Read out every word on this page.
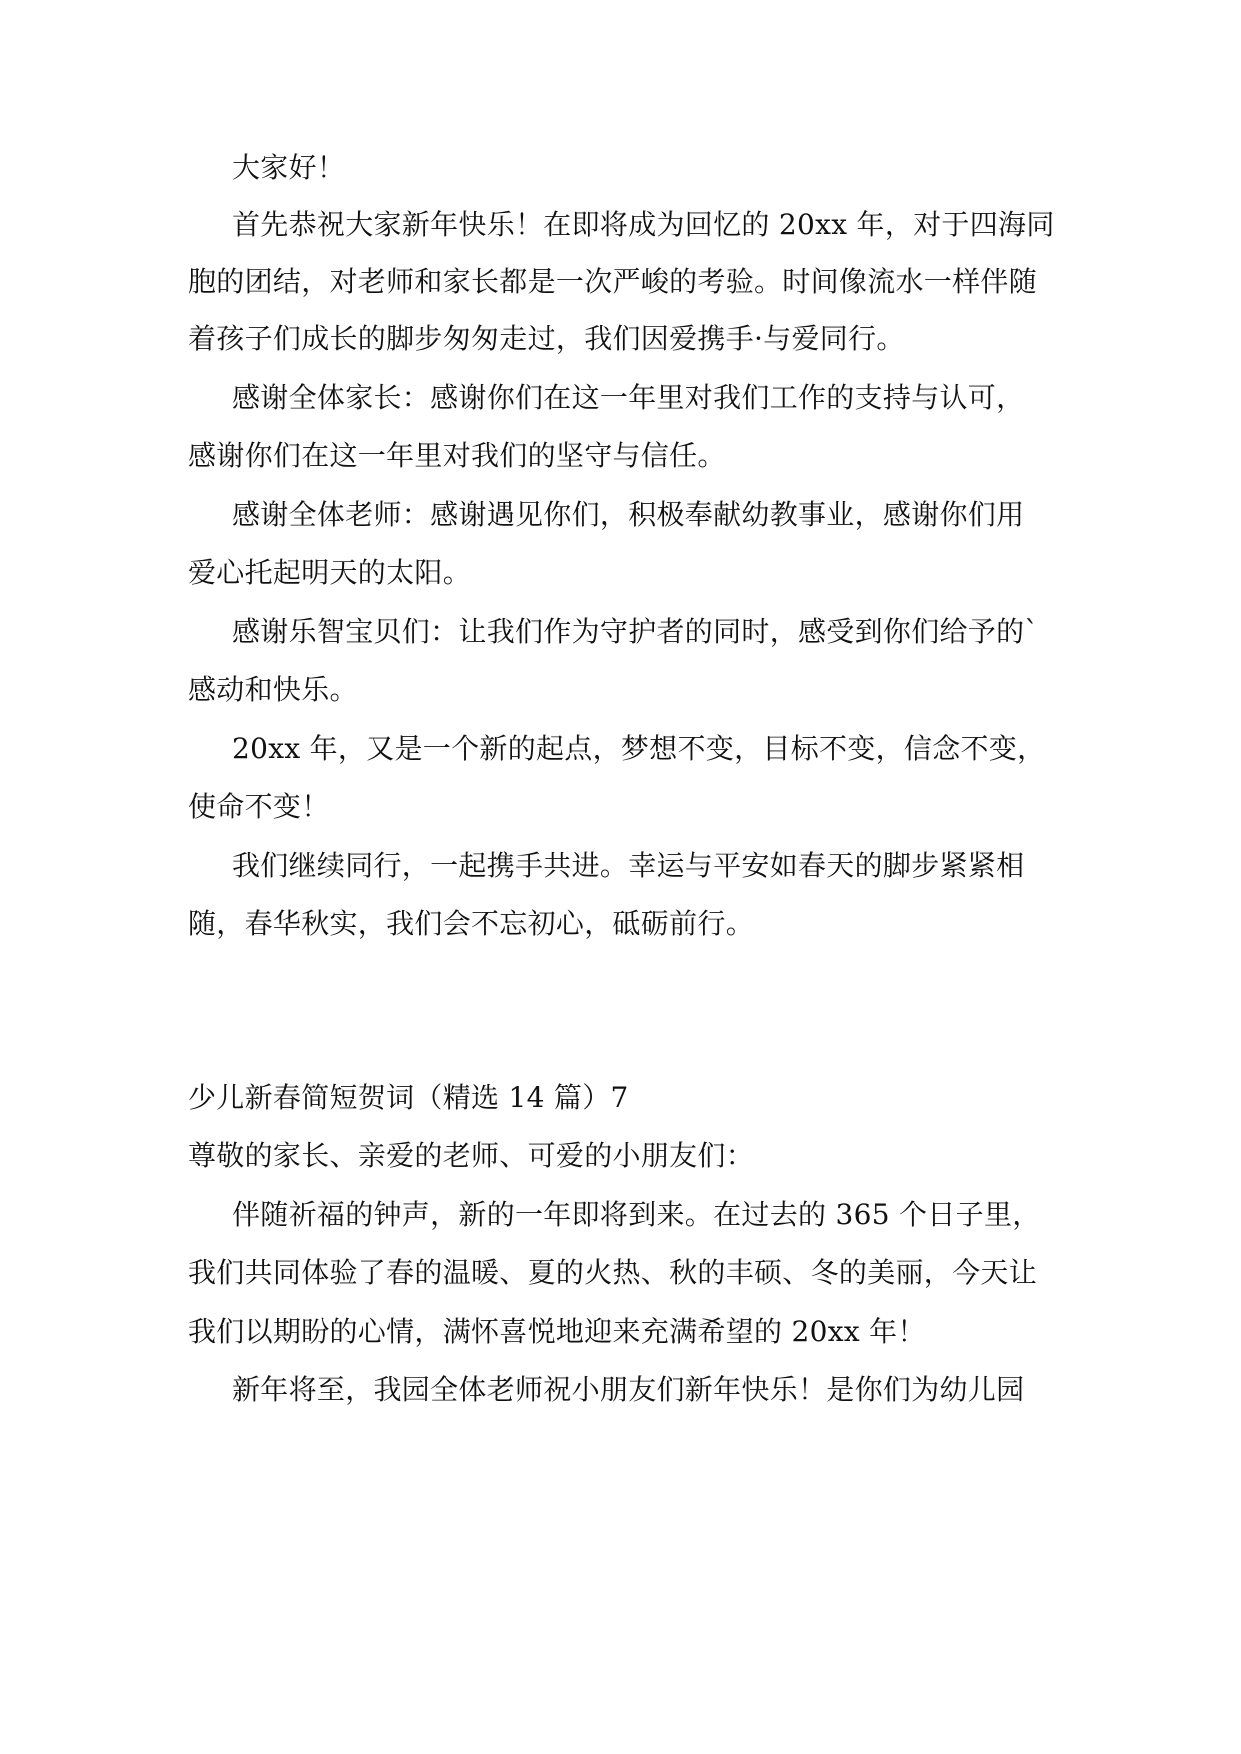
大家好！
首先恭祝大家新年快乐！在即将成为回忆的 20xx 年，对于四海同
胞的团结，对老师和家长都是一次严峻的考验。时间像流水一样伴随
着孩子们成长的脚步匆匆走过，我们因爱携手·与爱同行。
感谢全体家长：感谢你们在这一年里对我们工作的支持与认可，
感谢你们在这一年里对我们的坚守与信任。
感谢全体老师：感谢遇见你们，积极奉献幼教事业，感谢你们用
爱心托起明天的太阳。
感谢乐智宝贝们：让我们作为守护者的同时，感受到你们给予的`
感动和快乐。
20xx 年，又是一个新的起点，梦想不变，目标不变，信念不变，
使命不变！
我们继续同行，一起携手共进。幸运与平安如春天的脚步紧紧相
随，春华秋实，我们会不忘初心，砥砺前行。
少儿新春简短贺词（精选 14 篇）7
尊敬的家长、亲爱的老师、可爱的小朋友们：
伴随祈福的钟声，新的一年即将到来。在过去的 365 个日子里，
我们共同体验了春的温暖、夏的火热、秋的丰硕、冬的美丽，今天让
我们以期盼的心情，满怀喜悦地迎来充满希望的 20xx 年！
新年将至，我园全体老师祝小朋友们新年快乐！是你们为幼儿园
